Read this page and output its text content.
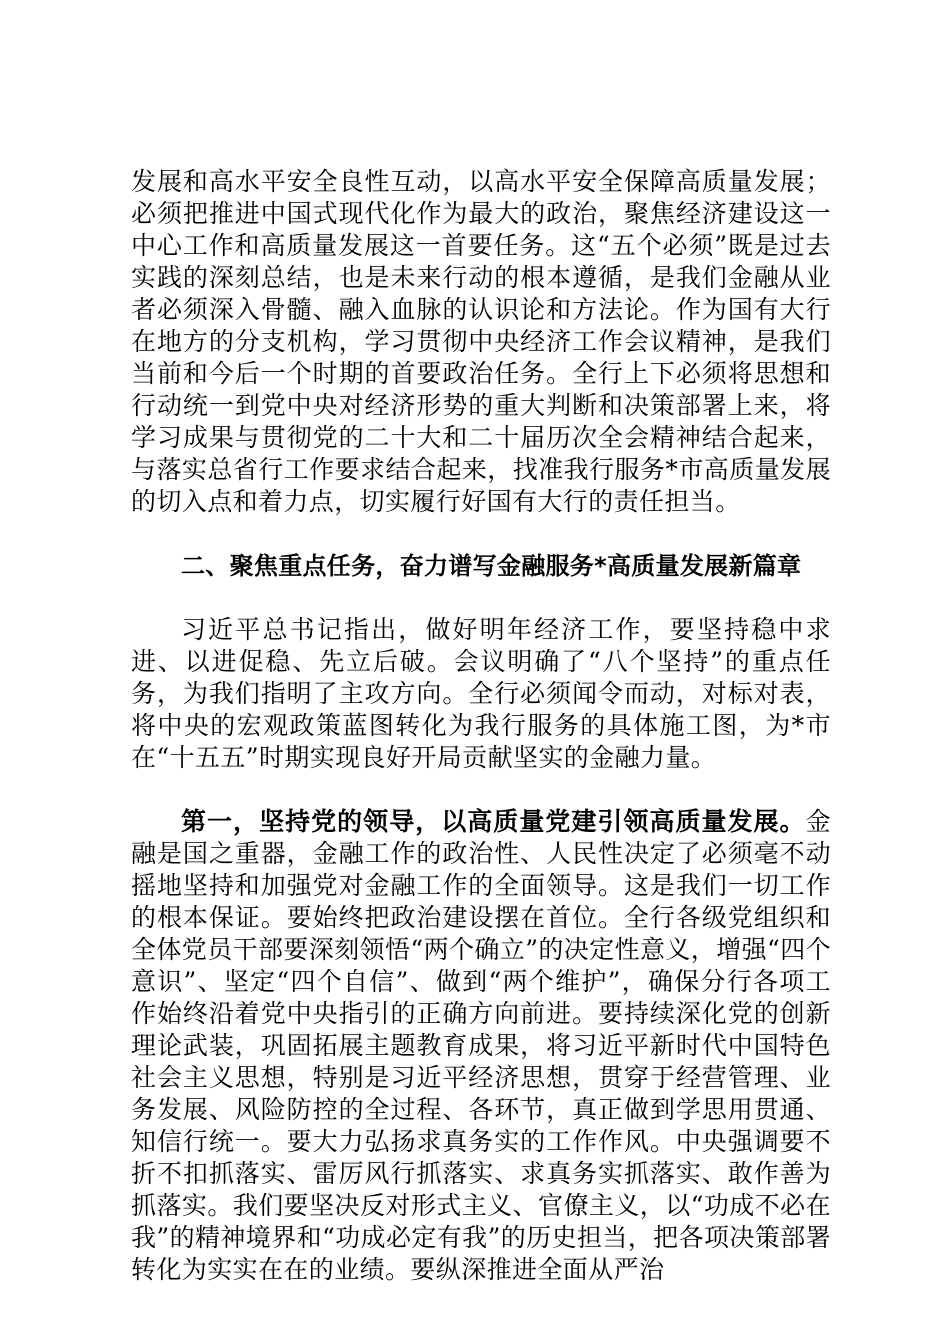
发展和高水平安全良性互动，以高水平安全保障高质量发展；必须把推进中国式现代化作为最大的政治，聚焦经济建设这一中心工作和高质量发展这一首要任务。这“五个必须”既是过去实践的深刻总结，也是未来行动的根本遵循，是我们金融从业者必须深入骨髓、融入血脉的认识论和方法论。作为国有大行在地方的分支机构，学习贯彻中央经济工作会议精神，是我们当前和今后一个时期的首要政治任务。全行上下必须将思想和行动统一到党中央对经济形势的重大判断和决策部署上来，将学习成果与贯彻党的二十大和二十届历次全会精神结合起来，与落实总省行工作要求结合起来，找准我行服务*市高质量发展的切入点和着力点，切实履行好国有大行的责任担当。

二、聚焦重点任务，奋力谱写金融服务*高质量发展新篇章

习近平总书记指出，做好明年经济工作，要坚持稳中求进、以进促稳、先立后破。会议明确了“八个坚持”的重点任务，为我们指明了主攻方向。全行必须闻令而动，对标对表，将中央的宏观政策蓝图转化为我行服务的具体施工图，为*市在“十五五”时期实现良好开局贡献坚实的金融力量。

第一，坚持党的领导，以高质量党建引领高质量发展。金融是国之重器，金融工作的政治性、人民性决定了必须毫不动摇地坚持和加强党对金融工作的全面领导。这是我们一切工作的根本保证。要始终把政治建设摆在首位。全行各级党组织和全体党员干部要深刻领悟“两个确立”的决定性意义，增强“四个意识”、坚定“四个自信”、做到“两个维护”，确保分行各项工作始终沿着党中央指引的正确方向前进。要持续深化党的创新理论武装，巩固拓展主题教育成果，将习近平新时代中国特色社会主义思想，特别是习近平经济思想，贯穿于经营管理、业务发展、风险防控的全过程、各环节，真正做到学思用贯通、知信行统一。要大力弘扬求真务实的工作作风。中央强调要不折不扣抓落实、雷厉风行抓落实、求真务实抓落实、敢作善为抓落实。我们要坚决反对形式主义、官僚主义，以“功成不必在我”的精神境界和“功成必定有我”的历史担当，把各项决策部署转化为实实在在的业绩。要纵深推进全面从严治
